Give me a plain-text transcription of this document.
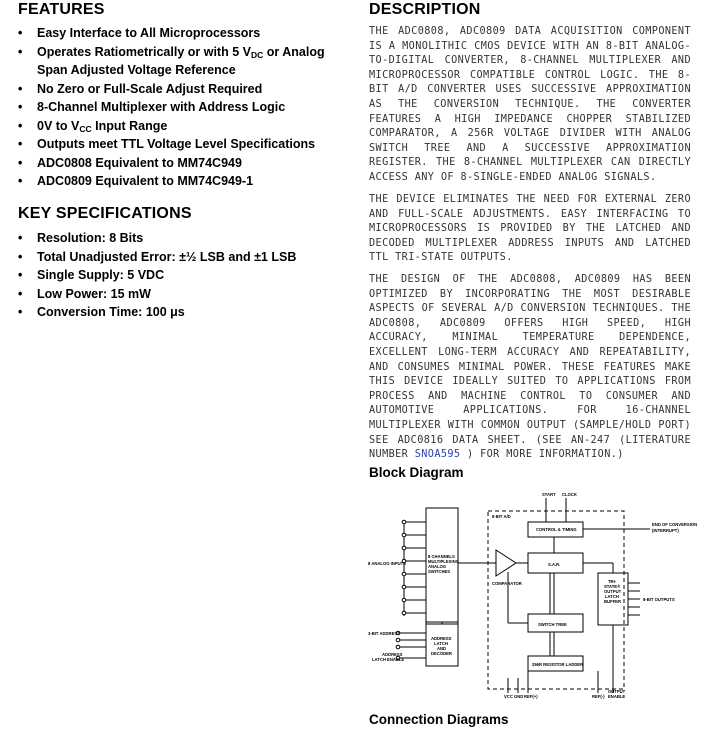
FEATURES
• Easy Interface to All Microprocessors
• Operates Ratiometrically or with 5 $V_{DC}$ or Analog Span Adjusted Voltage Reference
• No Zero or Full-Scale Adjust Required
• 8-Channel Multiplexer with Address Logic
• 0V to $V_{CC}$ Input Range
• Outputs meet TTL Voltage Level Specifications
• ADC0808 Equivalent to MM74C949
• ADC0809 Equivalent to MM74C949-1
KEY SPECIFICATIONS
• Resolution: 8 Bits
• Total Unadjusted Error: ±½ LSB and ±1 LSB
• Single Supply: 5 VDC
• Low Power: 15 mW
• Conversion Time: 100 μs
DESCRIPTION

THE ADC0808, ADC0809 DATA ACQUISITION COMPONENT IS A MONOLITHIC CMOS DEVICE WITH AN 8-BIT ANALOG-TO-DIGITAL CONVERTER, 8-CHANNEL MULTIPLEXER AND MICROPROCESSOR COMPATIBLE CONTROL LOGIC. THE 8-BIT A/D CONVERTER USES SUCCESSIVE APPROXIMATION AS THE CONVERSION TECHNIQUE. THE CONVERTER FEATURES A HIGH IMPEDANCE CHOPPER STABILIZED COMPARATOR, A 256R VOLTAGE DIVIDER WITH ANALOG SWITCH TREE AND A SUCCESSIVE APPROXIMATION REGISTER. THE 8-CHANNEL MULTIPLEXER CAN DIRECTLY ACCESS ANY OF 8-SINGLE-ENDED ANALOG SIGNALS.

THE DEVICE ELIMINATES THE NEED FOR EXTERNAL ZERO AND FULL-SCALE ADJUSTMENTS. EASY INTERFACING TO MICROPROCESSORS IS PROVIDED BY THE LATCHED AND DECODED MULTIPLEXER ADDRESS INPUTS AND LATCHED TTL TRI-STATE OUTPUTS.

THE DESIGN OF THE ADC0808, ADC0809 HAS BEEN OPTIMIZED BY INCORPORATING THE MOST DESIRABLE ASPECTS OF SEVERAL A/D CONVERSION TECHNIQUES. THE ADC0808, ADC0809 OFFERS HIGH SPEED, HIGH ACCURACY, MINIMAL TEMPERATURE DEPENDENCE, EXCELLENT LONG-TERM ACCURACY AND REPEATABILITY, AND CONSUMES MINIMAL POWER. THESE FEATURES MAKE THIS DEVICE IDEALLY SUITED TO APPLICATIONS FROM PROCESS AND MACHINE CONTROL TO CONSUMER AND AUTOMOTIVE APPLICATIONS. FOR 16-CHANNEL MULTIPLEXER WITH COMMON OUTPUT (SAMPLE/HOLD PORT) SEE ADC0816 DATA SHEET. (SEE AN-247 (LITERATURE NUMBER SNOA595 ) FOR MORE INFORMATION.)

Block Diagram
Connection Diagrams
START CLOCK
8-BIT A/D
CONTROL & TIMING
END OF CONVERSION
(INTERRUPT)
8 ANALOG INPUTS
8 CHANNELS
MULTIPLEXING
ANALOG
SWITCHES
S.A.R.
COMPARATOR	TRI-
STATE®
OUTPUT
LATCH
BUFFER	8-BIT OUTPUTS
SWITCH TREE
3-BIT ADDRESS
ADDRESS
LATCH ENABLE
ADDRESS
LATCH
AND
DECODER
256R RESISTOR LADDER
VCC GND REF(+)	REF(-)
OUTPUT
ENABLE
